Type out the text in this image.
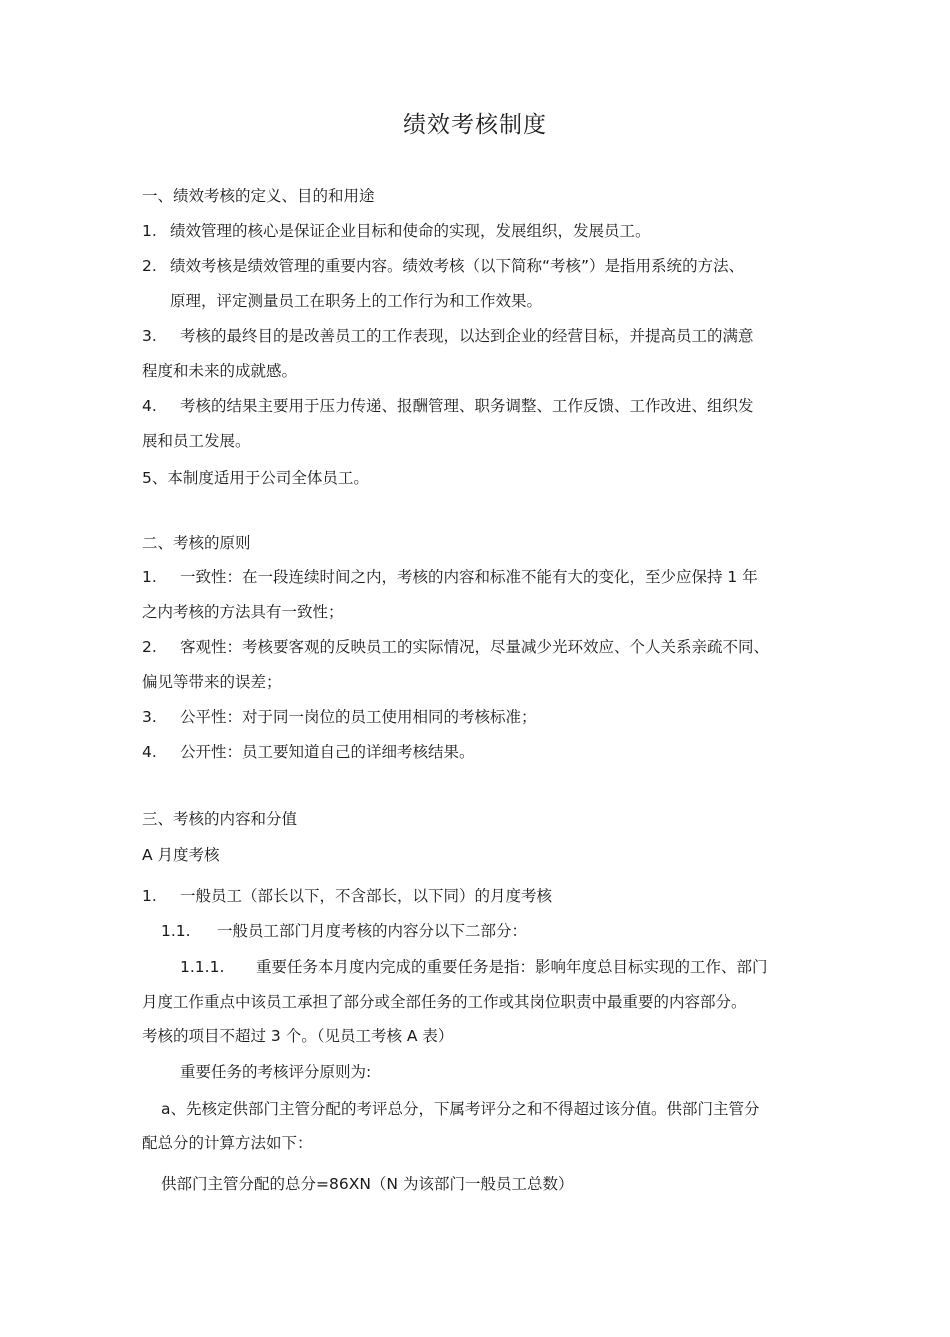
绩效考核制度
一、绩效考核的定义、目的和用途
1. 绩效管理的核心是保证企业目标和使命的实现，发展组织，发展员工。
2. 绩效考核是绩效管理的重要内容。绩效考核（以下简称“考核”）是指用系统的方法、
原理，评定测量员工在职务上的工作行为和工作效果。
3. 考核的最终目的是改善员工的工作表现，以达到企业的经营目标，并提高员工的满意
程度和未来的成就感。
4. 考核的结果主要用于压力传递、报酬管理、职务调整、工作反馈、工作改进、组织发
展和员工发展。
5、本制度适用于公司全体员工。
二、考核的原则
1. 一致性：在一段连续时间之内，考核的内容和标准不能有大的变化，至少应保持 1 年
之内考核的方法具有一致性；
2. 客观性：考核要客观的反映员工的实际情况，尽量减少光环效应、个人关系亲疏不同、
偏见等带来的误差；
3. 公平性：对于同一岗位的员工使用相同的考核标准；
4. 公开性：员工要知道自己的详细考核结果。
三、考核的内容和分值
A 月度考核
1. 一般员工（部长以下，不含部长，以下同）的月度考核
1.1. 一般员工部门月度考核的内容分以下二部分：
1.1.1. 重要任务本月度内完成的重要任务是指：影响年度总目标实现的工作、部门
月度工作重点中该员工承担了部分或全部任务的工作或其岗位职责中最重要的内容部分。
考核的项目不超过 3 个。（见员工考核 A 表）
重要任务的考核评分原则为:
a、先核定供部门主管分配的考评总分，下属考评分之和不得超过该分值。供部门主管分
配总分的计算方法如下：
供部门主管分配的总分=86XN（N 为该部门一般员工总数）
